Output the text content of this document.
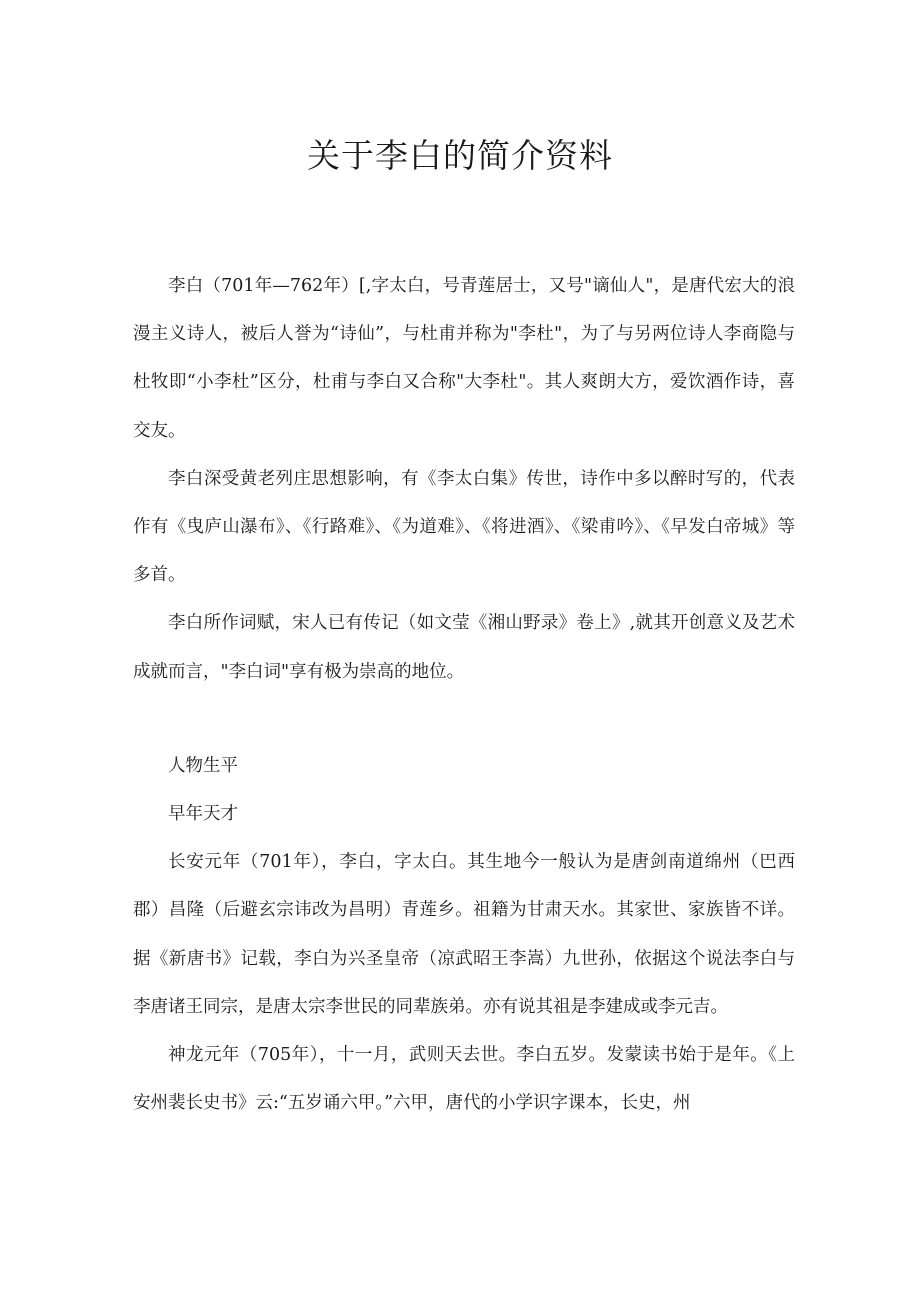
关于李白的简介资料

李白（701年—762年）[,字太白，号青莲居士，又号"谪仙人"，是唐代宏大的浪漫主义诗人，被后人誉为“诗仙”，与杜甫并称为"李杜"，为了与另两位诗人李商隐与杜牧即“小李杜”区分，杜甫与李白又合称"大李杜"。其人爽朗大方，爱饮酒作诗，喜交友。

李白深受黄老列庄思想影响，有《李太白集》传世，诗作中多以醉时写的，代表作有《曳庐山瀑布》、《行路难》、《为道难》、《将进酒》、《梁甫吟》、《早发白帝城》等多首。

李白所作词赋，宋人已有传记（如文莹《湘山野录》卷上》,就其开创意义及艺术成就而言，"李白词"享有极为崇高的地位。

人物生平

早年天才

长安元年（701年），李白，字太白。其生地今一般认为是唐剑南道绵州（巴西郡）昌隆（后避玄宗讳改为昌明）青莲乡。祖籍为甘肃天水。其家世、家族皆不详。据《新唐书》记载，李白为兴圣皇帝（凉武昭王李嵩）九世孙，依据这个说法李白与李唐诸王同宗，是唐太宗李世民的同辈族弟。亦有说其祖是李建成或李元吉。

神龙元年（705年），十一月，武则天去世。李白五岁。发蒙读书始于是年。《上安州裴长史书》云:“五岁诵六甲。”六甲，唐代的小学识字课本，长史，州
